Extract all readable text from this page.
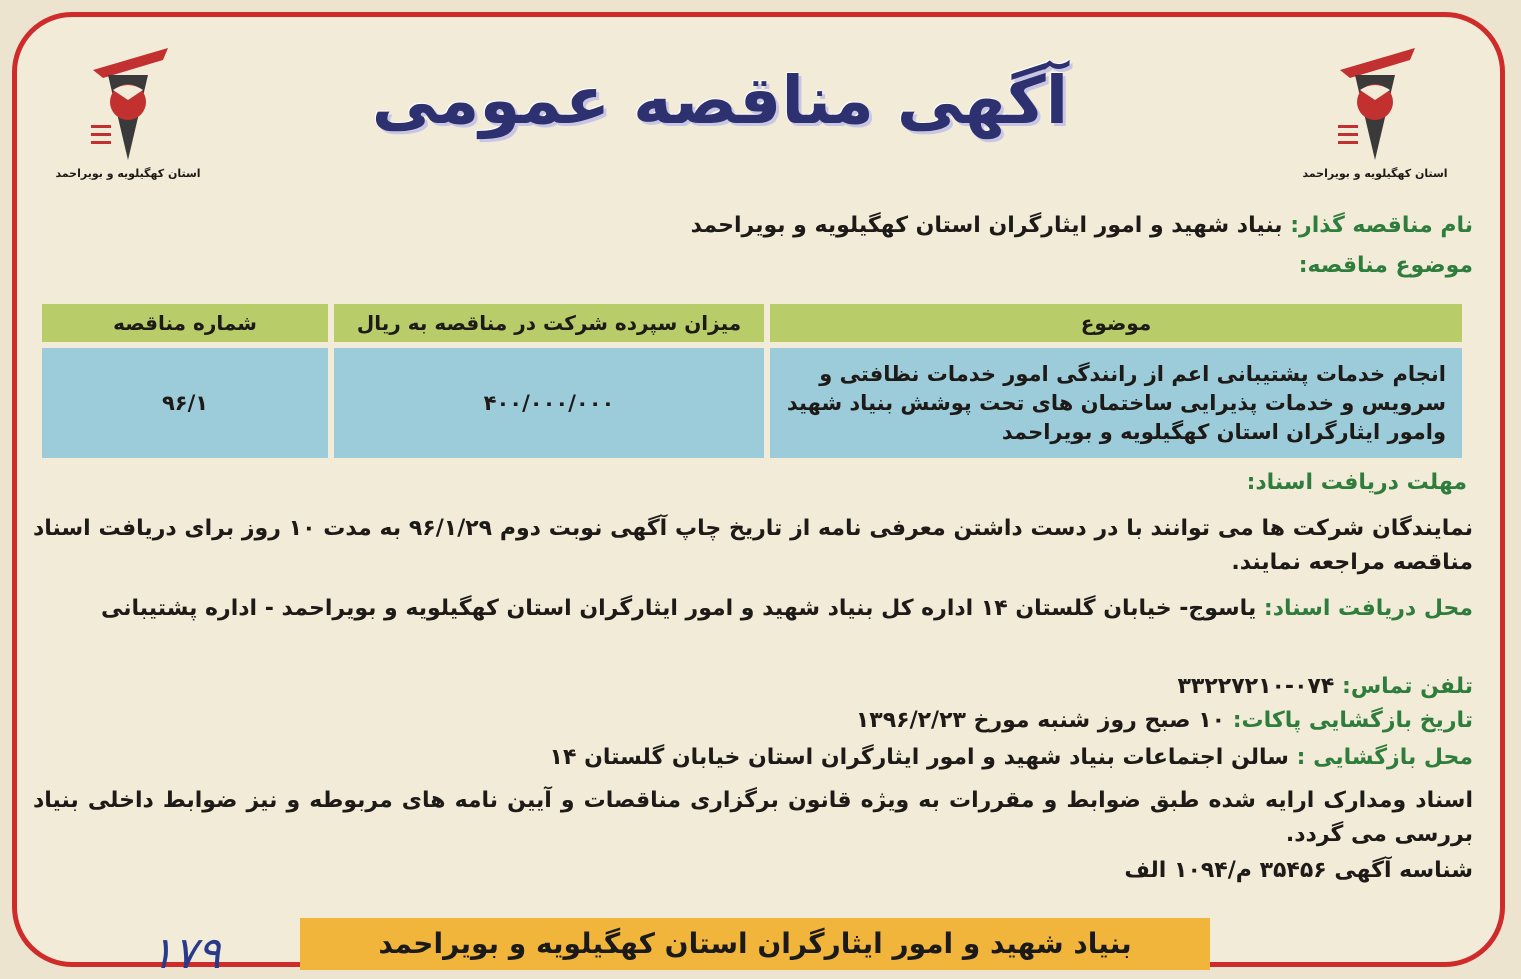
استان کهگیلویه و بویراحمد	استان کهگیلویه و بویراحمد
آگهی مناقصه عمومی
نام مناقصه گذار: بنیاد شهید و امور ایثارگران استان کهگیلویه و بویراحمد
موضوع مناقصه:
موضوع	میزان سپرده شرکت در مناقصه به ریال	شماره مناقصه
انجام خدمات پشتیبانی اعم از رانندگی امور خدمات نظافتی و سرویس و خدمات پذیرایی ساختمان های تحت پوشش بنیاد شهید وامور ایثارگران استان کهگیلویه و بویراحمد	۴۰۰/۰۰۰/۰۰۰	۹۶/۱
مهلت دریافت اسناد:
نمایندگان شرکت ها می توانند با در دست داشتن معرفی نامه از تاریخ چاپ آگهی نوبت دوم ۹۶/۱/۲۹ به مدت ۱۰ روز برای دریافت اسناد مناقصه مراجعه نمایند.
محل دریافت اسناد: یاسوج- خیابان گلستان ۱۴ اداره کل بنیاد شهید و امور ایثارگران استان کهگیلویه و بویراحمد - اداره پشتیبانی
تلفن تماس: ۰۷۴-۳۳۲۲۷۲۱۰
تاریخ بازگشایی پاکات: ۱۰ صبح روز شنبه مورخ ۱۳۹۶/۲/۲۳
محل بازگشایی : سالن اجتماعات بنیاد شهید و امور ایثارگران استان خیابان گلستان ۱۴
اسناد ومدارک ارایه شده طبق ضوابط و مقررات به ویژه قانون برگزاری مناقصات و آیین نامه های مربوطه و نیز ضوابط داخلی بنیاد بررسی می گردد.
شناسه آگهی ۳۵۴۵۶ م/۱۰۹۴ الف
۱۷۹	بنیاد شهید و امور ایثارگران استان کهگیلویه و بویراحمد
